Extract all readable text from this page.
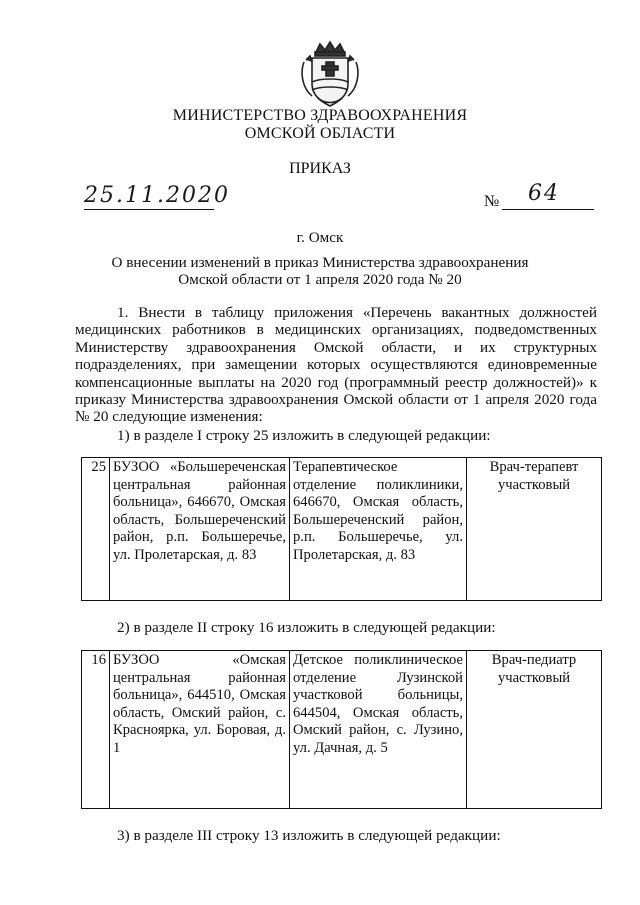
МИНИСТЕРСТВО ЗДРАВООХРАНЕНИЯ
ОМСКОЙ ОБЛАСТИ
ПРИКАЗ
25.11.2020	№ 64
г. Омск
О внесении изменений в приказ Министерства здравоохранения
Омской области от 1 апреля 2020 года № 20
1. Внести в таблицу приложения «Перечень вакантных должностей медицинских работников в медицинских организациях, подведомственных Министерству здравоохранения Омской области, и их структурных подразделениях, при замещении которых осуществляются единовременные компенсационные выплаты на 2020 год (программный реестр должностей)» к приказу Министерства здравоохранения Омской области от 1 апреля 2020 года № 20 следующие изменения:
1) в разделе I строку 25 изложить в следующей редакции:
25	БУЗОО «Большереченская центральная районная больница», 646670, Омская область, Большереченский район, р.п. Большеречье, ул. Пролетарская, д. 83	Терапевтическое отделение поликлиники, 646670, Омская область, Большереченский район, р.п. Большеречье, ул. Пролетарская, д. 83	Врач-терапевт участковый
2) в разделе II строку 16 изложить в следующей редакции:
16	БУЗОО «Омская центральная районная больница», 644510, Омская область, Омский район, с. Красноярка, ул. Боровая, д. 1	Детское поликлиническое отделение Лузинской участковой больницы, 644504, Омская область, Омский район, с. Лузино, ул. Дачная, д. 5	Врач-педиатр участковый
3) в разделе III строку 13 изложить в следующей редакции:
